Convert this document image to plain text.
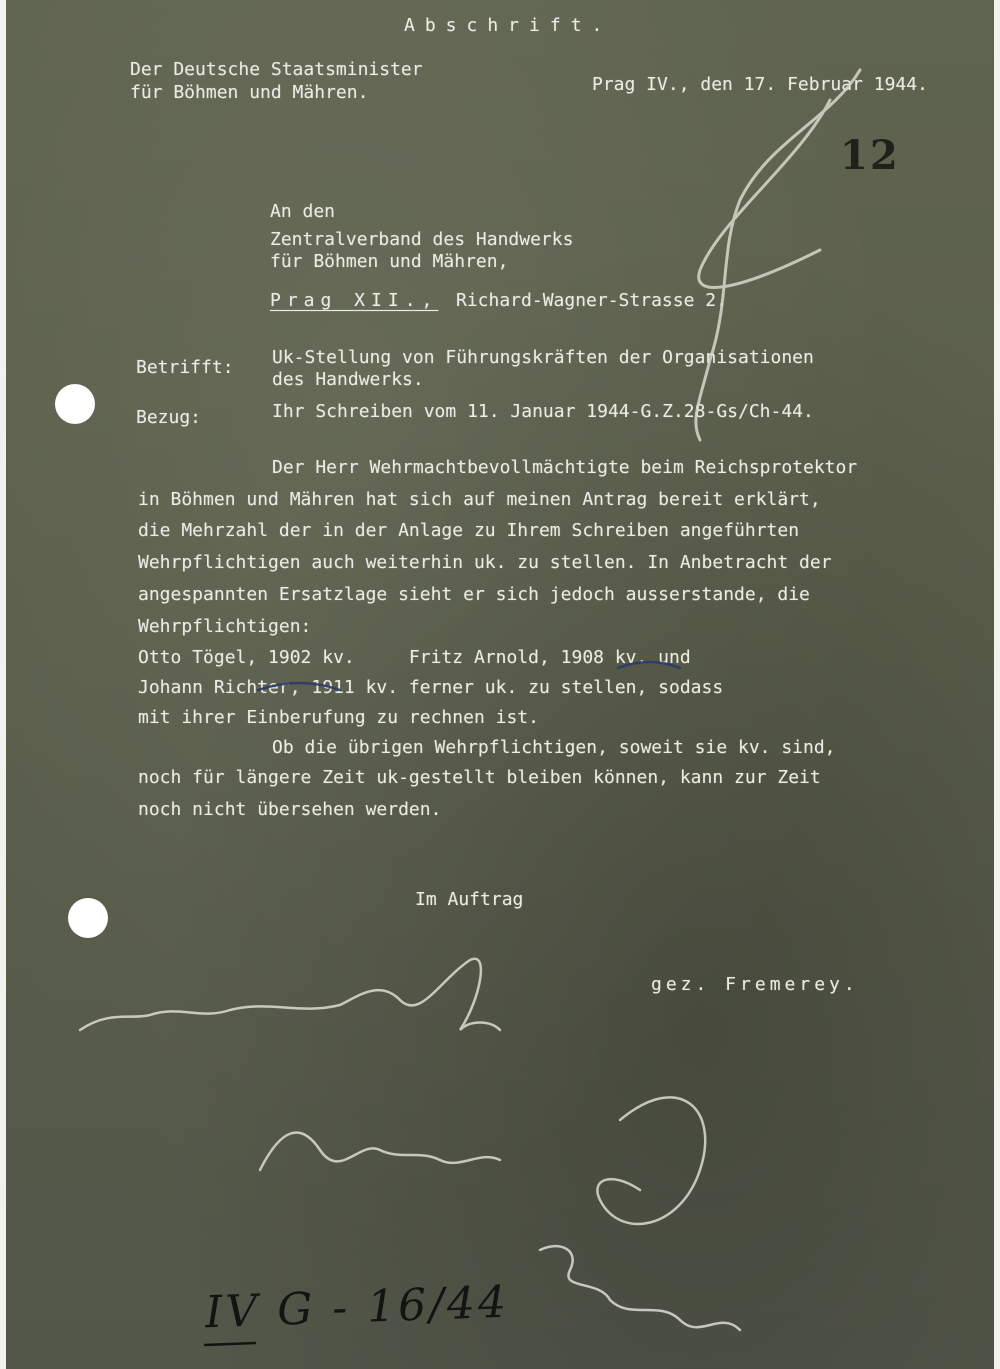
Abschrift.
Der Deutsche Staatsminister
für Böhmen und Mähren.	Prag IV., den 17. Februar 1944.
12
An den
Zentralverband des Handwerks
für Böhmen und Mähren,
Prag XII., Richard-Wagner-Strasse 2.
Betrifft: Uk-Stellung von Führungskräften der Organisationen
des Handwerks.
Bezug:	Ihr Schreiben vom 11. Januar 1944-G.Z.28-Gs/Ch-44.
Der Herr Wehrmachtbevollmächtigte beim Reichsprotektor
in Böhmen und Mähren hat sich auf meinen Antrag bereit erklärt,
die Mehrzahl der in der Anlage zu Ihrem Schreiben angeführten
Wehrpflichtigen auch weiterhin uk. zu stellen. In Anbetracht der
angespannten Ersatzlage sieht er sich jedoch ausserstande, die
Wehrpflichtigen:
Otto Tögel, 1902 kv.     Fritz Arnold, 1908 kv. und
Johann Richter, 1911 kv. ferner uk. zu stellen, sodass
mit ihrer Einberufung zu rechnen ist.
Ob die übrigen Wehrpflichtigen, soweit sie kv. sind,
noch für längere Zeit uk-gestellt bleiben können, kann zur Zeit
noch nicht übersehen werden.
Im Auftrag
gez. Fremerey.
IV G - 16/44
